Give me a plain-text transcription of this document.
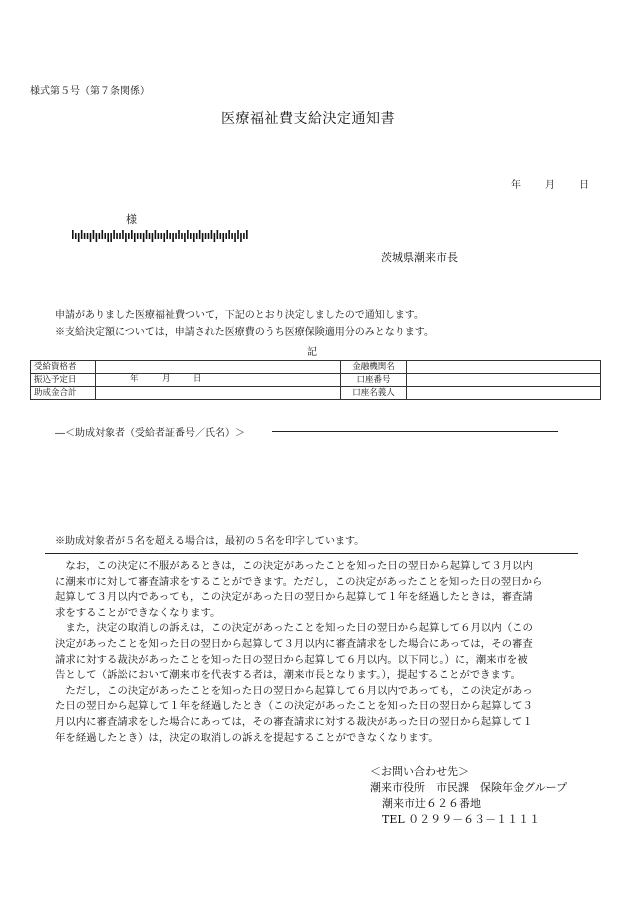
様式第５号（第７条関係）
医療福祉費支給決定通知書
年 月 日
様
茨城県潮来市長
申請がありました医療福祉費ついて，下記のとおり決定しましたので通知します。
※支給決定額については，申請された医療費のうち医療保険適用分のみとなります。
記
受給資格者		金融機関名	
振込予定日	年 月 日	口座番号	
助成金合計		口座名義人	
―＜助成対象者（受給者証番号／氏名）＞
※助成対象者が５名を超える場合は，最初の５名を印字しています。

　なお，この決定に不服があるときは，この決定があったことを知った日の翌日から起算して３月以内

に潮来市に対して審査請求をすることができます。ただし，この決定があったことを知った日の翌日から

起算して３月以内であっても，この決定があった日の翌日から起算して１年を経過したときは，審査請

求をすることができなくなります。

　また，決定の取消しの訴えは，この決定があったことを知った日の翌日から起算して６月以内（この

決定があったことを知った日の翌日から起算して３月以内に審査請求をした場合にあっては，その審査

請求に対する裁決があったことを知った日の翌日から起算して６月以内。以下同じ。）に，潮来市を被

告として（訴訟において潮来市を代表する者は，潮来市長となります。），提起することができます。

　ただし，この決定があったことを知った日の翌日から起算して６月以内であっても，この決定があっ

た日の翌日から起算して１年を経過したとき（この決定があったことを知った日の翌日から起算して３

月以内に審査請求をした場合にあっては，その審査請求に対する裁決があった日の翌日から起算して１

年を経過したとき）は，決定の取消しの訴えを提起することができなくなります。

＜お問い合わせ先＞
潮来市役所　市民課　保険年金グループ
潮来市辻６２６番地
TEL ０２９９－６３－１１１１
